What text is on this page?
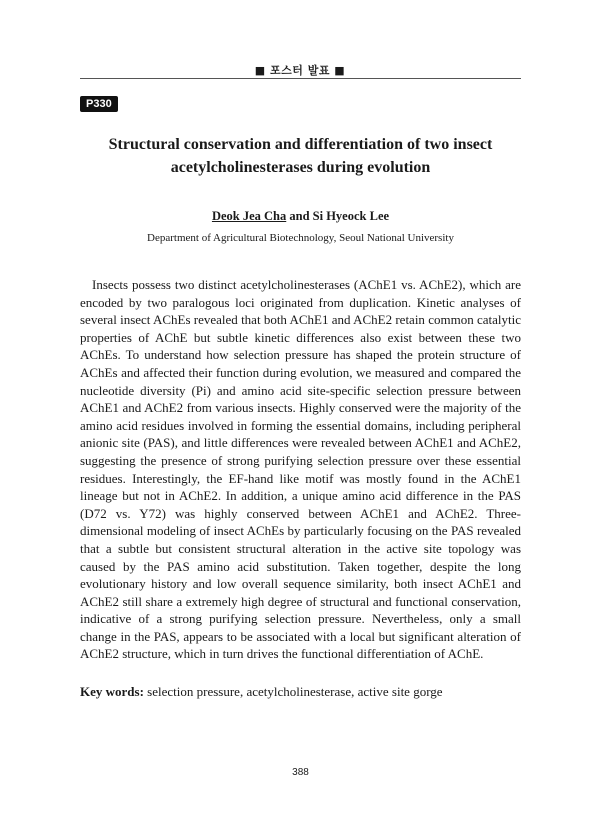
■ 포스터 발표 ■
P330
Structural conservation and differentiation of two insect acetylcholinesterases during evolution
Deok Jea Cha and Si Hyeock Lee
Department of Agricultural Biotechnology, Seoul National University

Insects possess two distinct acetylcholinesterases (AChE1 vs. AChE2), which are encoded by two paralogous loci originated from duplication. Kinetic analyses of several insect AChEs revealed that both AChE1 and AChE2 retain common catalytic properties of AChE but subtle kinetic differences also exist between these two AChEs. To understand how selection pressure has shaped the protein structure of AChEs and affected their function during evolution, we measured and compared the nucleotide diversity (Pi) and amino acid site-specific selection pressure between AChE1 and AChE2 from various insects. Highly conserved were the majority of the amino acid residues involved in forming the essential domains, including peripheral anionic site (PAS), and little differences were revealed between AChE1 and AChE2, suggesting the presence of strong purifying selection pressure over these essential residues. Interestingly, the EF-hand like motif was mostly found in the AChE1 lineage but not in AChE2. In addition, a unique amino acid difference in the PAS (D72 vs. Y72) was highly conserved between AChE1 and AChE2. Three-dimensional modeling of insect AChEs by particularly focusing on the PAS revealed that a subtle but consistent structural alteration in the active site topology was caused by the PAS amino acid substitution. Taken together, despite the long evolutionary history and low overall sequence similarity, both insect AChE1 and AChE2 still share a extremely high degree of structural and functional conservation, indicative of a strong purifying selection pressure. Nevertheless, only a small change in the PAS, appears to be associated with a local but significant alteration of AChE2 structure, which in turn drives the functional differentiation of AChE.

Key words: selection pressure, acetylcholinesterase, active site gorge

388
